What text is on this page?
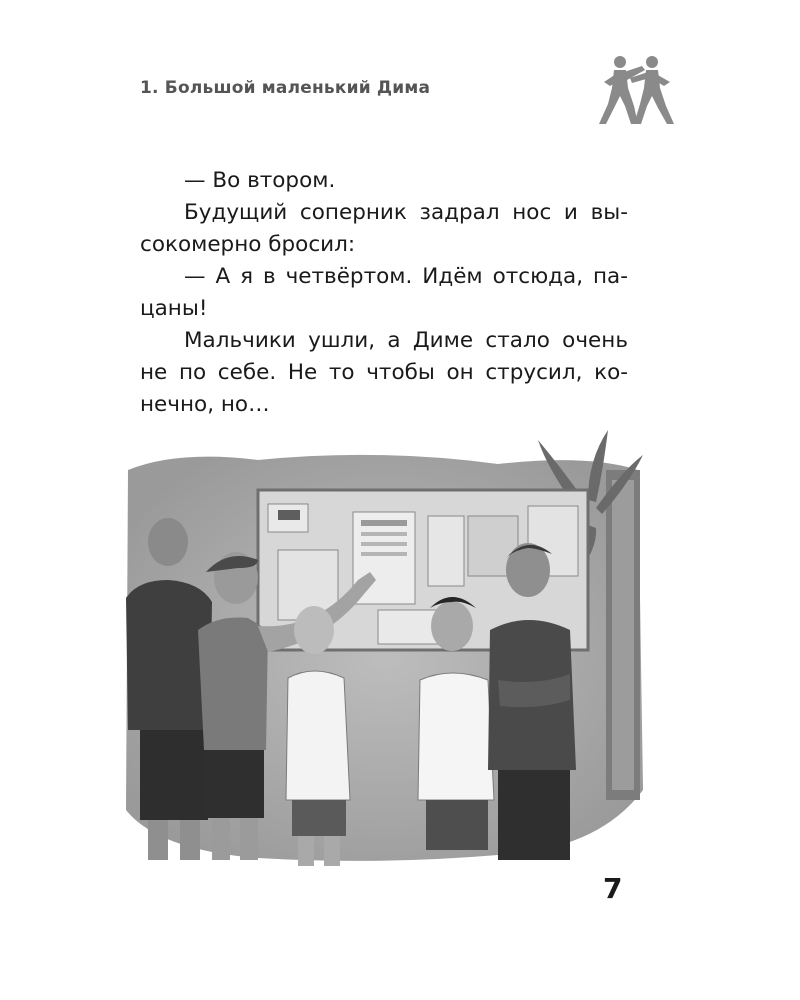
1. Большой маленький Дима

— Во втором.

Будущий соперник задрал нос и вы-

сокомерно бросил:

— А я в четвёртом. Идём отсюда, па-

цаны!

Мальчики ушли, а Диме стало очень

не по себе. Не то чтобы он струсил, ко-

нечно, но…

7
